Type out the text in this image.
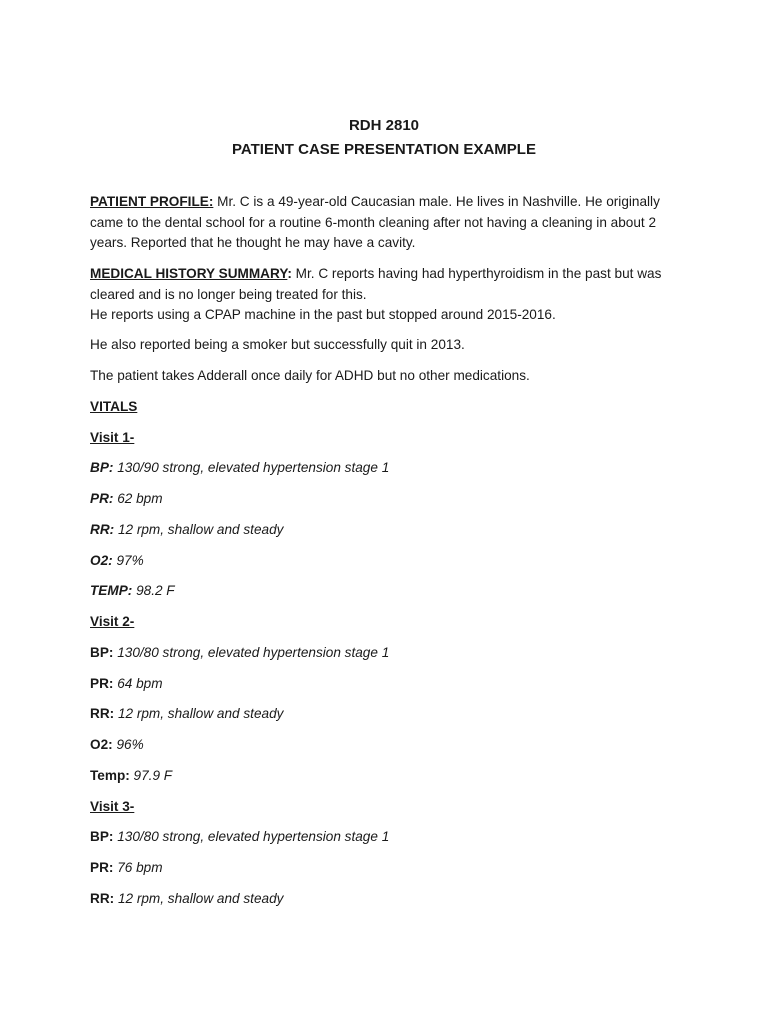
RDH 2810
PATIENT CASE PRESENTATION EXAMPLE
PATIENT PROFILE: Mr. C is a 49-year-old Caucasian male. He lives in Nashville. He originally came to the dental school for a routine 6-month cleaning after not having a cleaning in about 2 years. Reported that he thought he may have a cavity.
MEDICAL HISTORY SUMMARY: Mr. C reports having had hyperthyroidism in the past but was cleared and is no longer being treated for this.
He reports using a CPAP machine in the past but stopped around 2015-2016.
He also reported being a smoker but successfully quit in 2013.
The patient takes Adderall once daily for ADHD but no other medications.
VITALS
Visit 1-
BP: 130/90 strong, elevated hypertension stage 1
PR: 62 bpm
RR: 12 rpm, shallow and steady
O2: 97%
TEMP: 98.2 F
Visit 2-
BP: 130/80 strong, elevated hypertension stage 1
PR: 64 bpm
RR: 12 rpm, shallow and steady
O2: 96%
Temp: 97.9 F
Visit 3-
BP: 130/80 strong, elevated hypertension stage 1
PR: 76 bpm
RR: 12 rpm, shallow and steady
